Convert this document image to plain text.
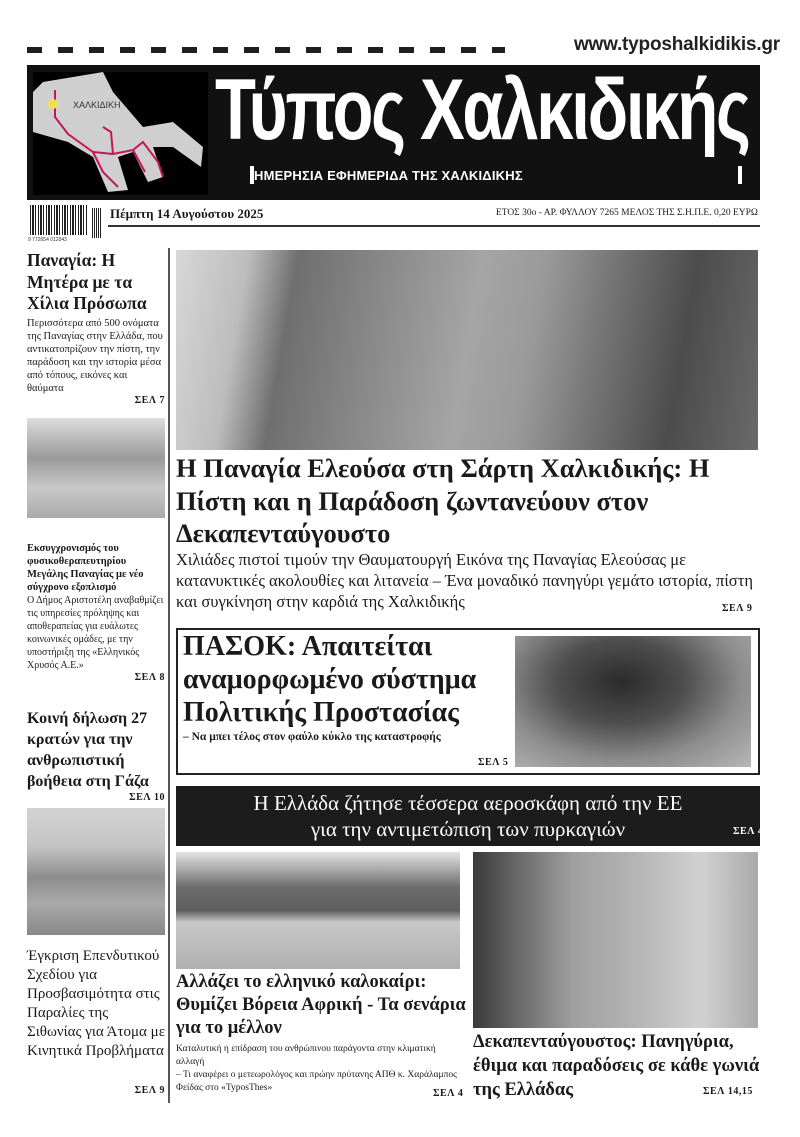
www.typoshalkidikis.gr
ΧΑΛΚΙΔΙΚΗ Τύπος Χαλκιδικής
ΗΜΕΡΗΣΙΑ ΕΦΗΜΕΡΙΔΑ ΤΗΣ ΧΑΛΚΙΔΙΚΗΣ
9 772654 012043
Πέμπτη 14 Αυγούστου 2025	ΕΤΟΣ 30ο - ΑΡ. ΦΥΛΛΟΥ 7265 ΜΕΛΟΣ ΤΗΣ Σ.Η.Π.Ε. 0,20 ΕΥΡΩ
Παναγία: Η Μητέρα με τα Χίλια Πρόσωπα
Περισσότερα από 500 ονόματα της Παναγίας στην Ελλάδα, που αντικατοπρίζουν την πίστη, την παράδοση και την ιστορία μέσα από τόπους, εικόνες και θαύματα
ΣΕΛ 7
Εκσυγχρονισμός του φυσικοθεραπευτηρίου Μεγάλης Παναγίας με νέο σύγχρονο εξοπλισμό
Ο Δήμος Αριστοτέλη αναβαθμίζει τις υπηρεσίες πρόληψης και αποθεραπείας για ευάλωτες κοινωνικές ομάδες, με την υποστήριξη της «Ελληνικός Χρυσός Α.Ε.»
ΣΕΛ 8
Κοινή δήλωση 27 κρατών για την ανθρωπιστική βοήθεια στη Γάζα
ΣΕΛ 10
Έγκριση Επενδυτικού Σχεδίου για Προσβασιμότητα στις Παραλίες της Σιθωνίας για Άτομα με Κινητικά Προβλήματα
ΣΕΛ 9
Η Παναγία Ελεούσα στη Σάρτη Χαλκιδικής: Η Πίστη και η Παράδοση ζωντανεύουν στον Δεκαπενταύγουστο
Χιλιάδες πιστοί τιμούν την Θαυματουργή Εικόνα της Παναγίας Ελεούσας με κατανυκτικές ακολουθίες και λιτανεία – Ένα μοναδικό πανηγύρι γεμάτο ιστορία, πίστη και συγκίνηση στην καρδιά της Χαλκιδικής	ΣΕΛ 9
ΠΑΣΟΚ: Απαιτείται αναμορφωμένο σύστημα Πολιτικής Προστασίας
– Να μπει τέλος στον φαύλο κύκλο της καταστροφής
ΣΕΛ 5
Η Ελλάδα ζήτησε τέσσερα αεροσκάφη από την ΕΕ
για την αντιμετώπιση των πυρκαγιών	ΣΕΛ 4
Αλλάζει το ελληνικό καλοκαίρι: Θυμίζει Βόρεια Αφρική - Τα σενάρια για το μέλλον
Καταλυτική η επίδραση του ανθρώπινου παράγοντα στην κλιματική αλλαγή
– Τι αναφέρει ο μετεωρολόγος και πρώην πρύτανης ΑΠΘ κ. Χαράλαμπος Φείδας στο «TyposThes»	ΣΕΛ 4
Δεκαπενταύγουστος: Πανηγύρια, έθιμα και παραδόσεις σε κάθε γωνιά της Ελλάδας	ΣΕΛ 14,15
